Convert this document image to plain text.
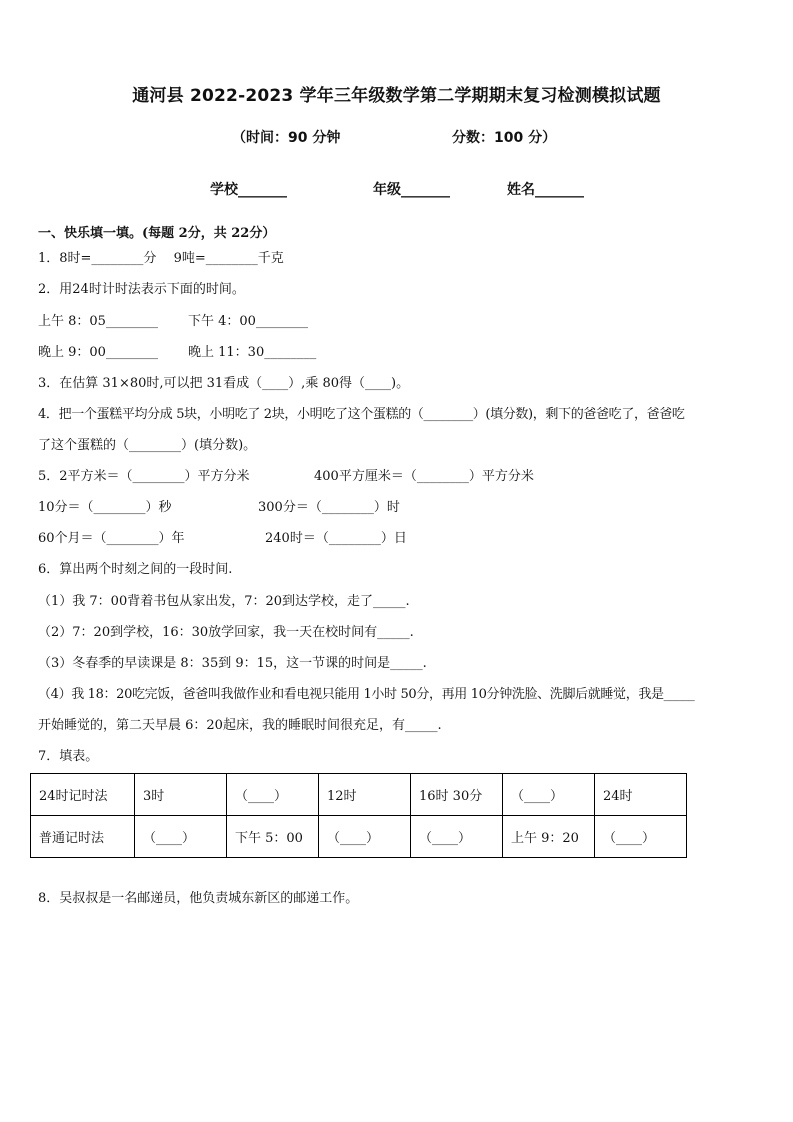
通河县 2022-2023 学年三年级数学第二学期期末复习检测模拟试题
（时间：90 分钟	分数：100 分）
学校_______	年级_______	姓名_______
一、快乐填一填。(每题 2分，共 22分）
1．8时=________分　 9吨=________千克
2．用24时计时法表示下面的时间。
上午 8：05________ 下午 4：00________
晚上 9：00________ 晚上 11：30________
3．在估算 31×80时,可以把 31看成（____）,乘 80得（____)。
4．把一个蛋糕平均分成 5块，小明吃了 2块，小明吃了这个蛋糕的（________）(填分数)，剩下的爸爸吃了，爸爸吃
了这个蛋糕的（________）(填分数)。
5．2平方米＝（________）平方分米	400平方厘米＝（________）平方分米
10分＝（________）秒	300分＝（________）时
60个月＝（________）年	240时＝（________）日
6．算出两个时刻之间的一段时间.
（1）我 7：00背着书包从家出发，7：20到达学校，走了_____.
（2）7：20到学校，16：30放学回家，我一天在校时间有_____.
（3）冬春季的早读课是 8：35到 9：15，这一节课的时间是_____.
（4）我 18：20吃完饭，爸爸叫我做作业和看电视只能用 1小时 50分，再用 10分钟洗脸、洗脚后就睡觉，我是_____
开始睡觉的，第二天早晨 6：20起床，我的睡眠时间很充足，有_____.
7．填表。
24时记时法	3时	（____）	12时	16时 30分	（____）	24时
普通记时法	（____）	下午 5：00	（____）	（____）	上午 9：20	（____）
8．吴叔叔是一名邮递员，他负责城东新区的邮递工作。
